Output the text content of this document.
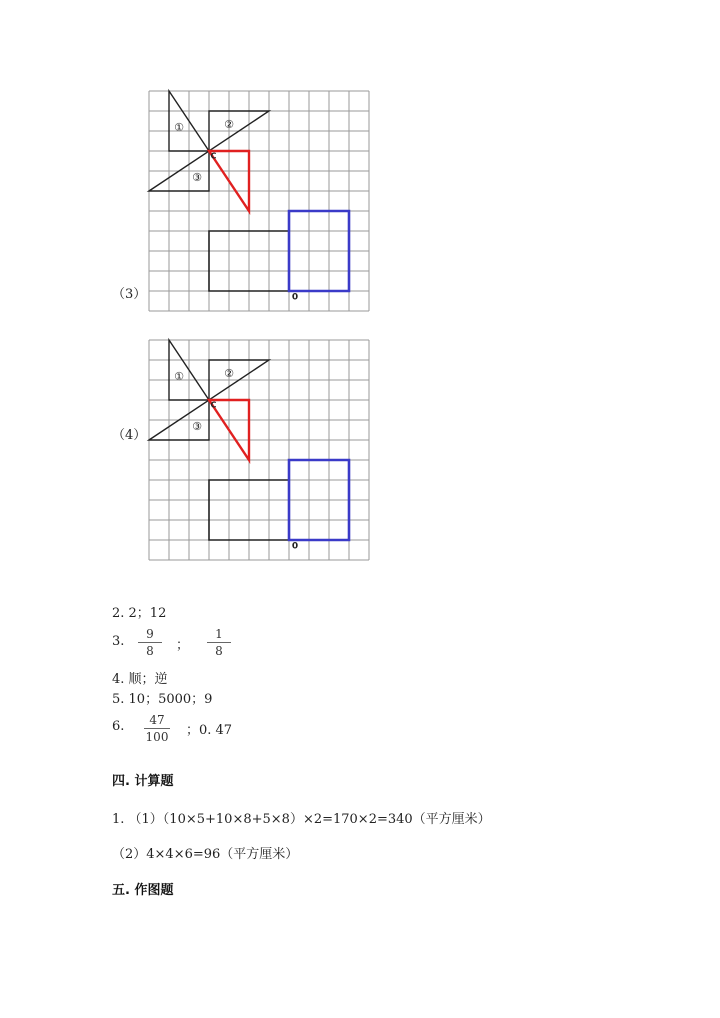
（3）
①	②
③
C
0
（4）
①	②
③
C
0
2. 2；12
3.	9
8	；
1
8
4. 顺；逆
5. 10；5000；9
6.	47
100 ；0. 47
四. 计算题
1. （1）（10×5+10×8+5×8）×2=170×2=340（平方厘米）
（2）4×4×6=96（平方厘米）
五. 作图题
